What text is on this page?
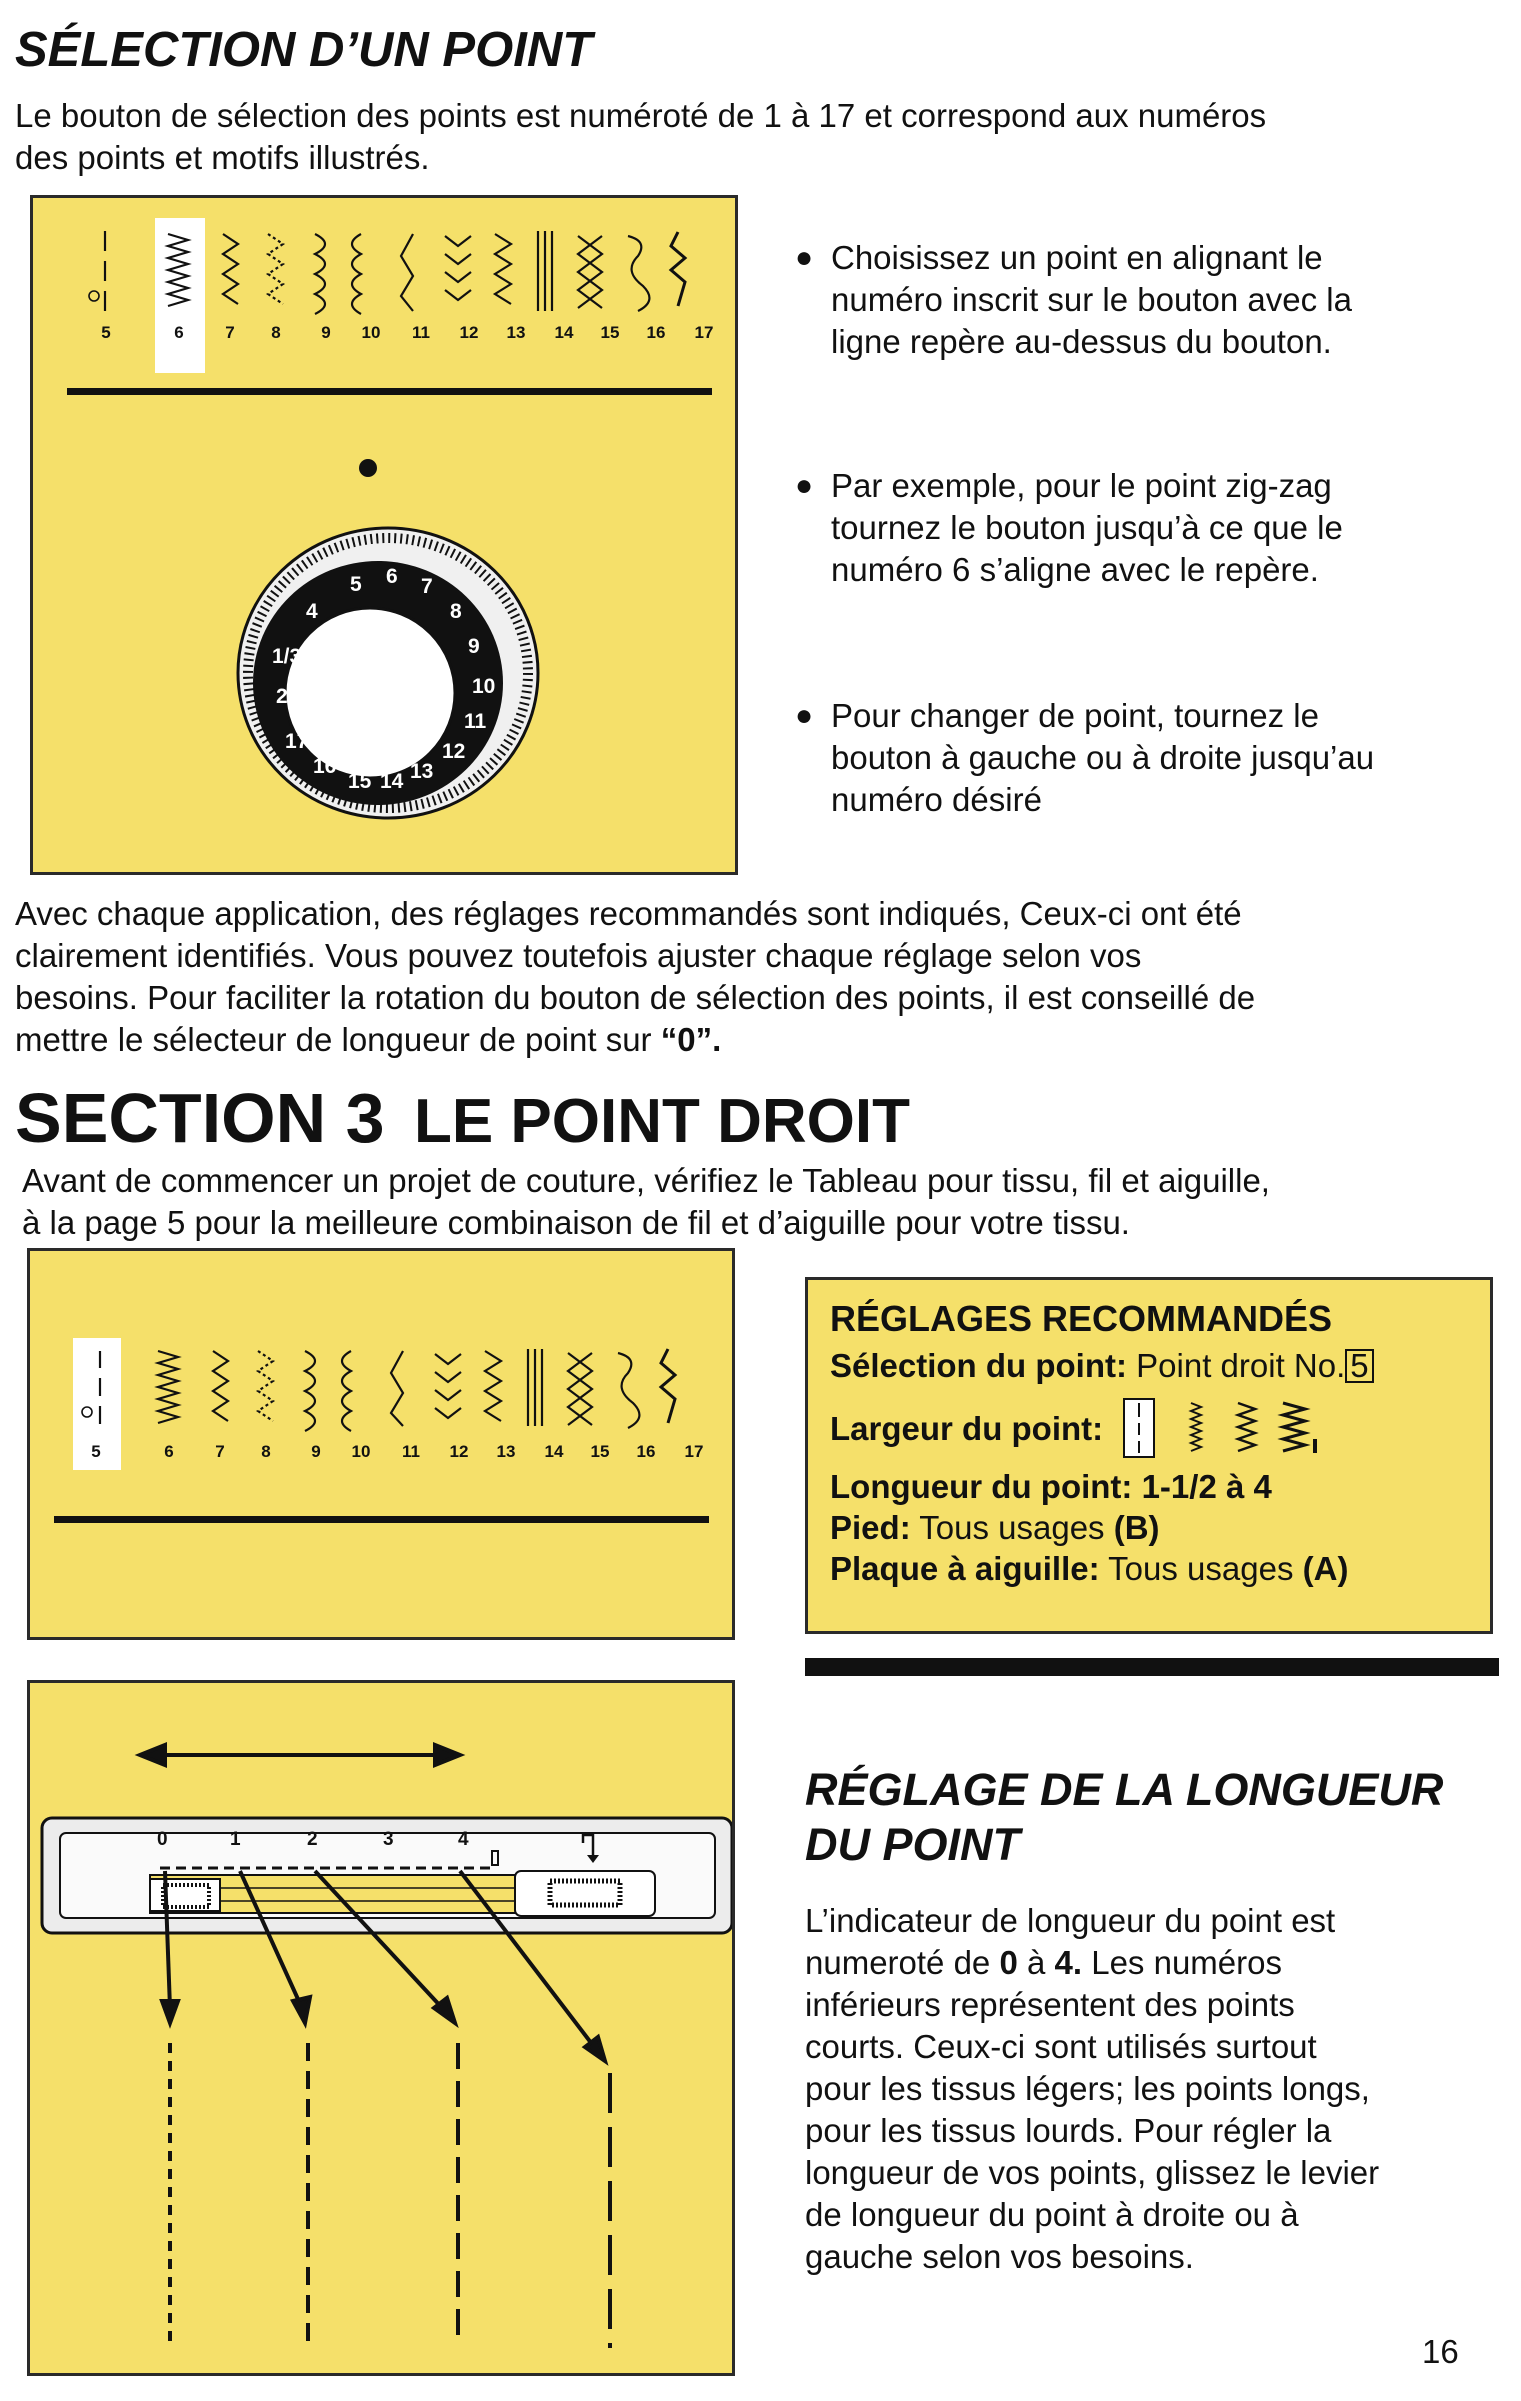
SÉLECTION D’UN POINT
Le bouton de sélection des points est numéroté de 1 à 17 et correspond aux numéros
des points et motifs illustrés.
5	6	7	8	9	10	11	12	13	14	15	16	17
5 6 7
8
9
10
11
12
13
14
15
16
17
2
1/3
4
● Choisissez un point en alignant le
numéro inscrit sur le bouton avec la
ligne repère au-dessus du bouton.
● Par exemple, pour le point zig-zag
tournez le bouton jusqu’à ce que le
numéro 6 s’aligne avec le repère.
● Pour changer de point, tournez le
bouton à gauche ou à droite jusqu’au
numéro désiré
Avec chaque application, des réglages recommandés sont indiqués, Ceux-ci ont été
clairement identifiés. Vous pouvez toutefois ajuster chaque réglage selon vos
besoins. Pour faciliter la rotation du bouton de sélection des points, il est conseillé de
mettre le sélecteur de longueur de point sur “0”.
SECTION 3 LE POINT DROIT
Avant de commencer un projet de couture, vérifiez le Tableau pour tissu, fil et aiguille,
à la page 5 pour la meilleure combinaison de fil et d’aiguille pour votre tissu.
5	6	7	8	9	10	11	12	13	14	15	16	17
RÉGLAGES RECOMMANDÉS
Sélection du point: Point droit No. 5
Largeur du point:
Longueur du point: 1-1/2 à 4
Pied: Tous usages (B)
Plaque à aiguille: Tous usages (A)
0	1	2	3	4
RÉGLAGE DE LA LONGUEUR
DU POINT
L’indicateur de longueur du point est
numeroté de 0 à 4. Les numéros
inférieurs représentent des points
courts. Ceux-ci sont utilisés surtout
pour les tissus légers; les points longs,
pour les tissus lourds. Pour régler la
longueur de vos points, glissez le levier
de longueur du point à droite ou à
gauche selon vos besoins.
16
